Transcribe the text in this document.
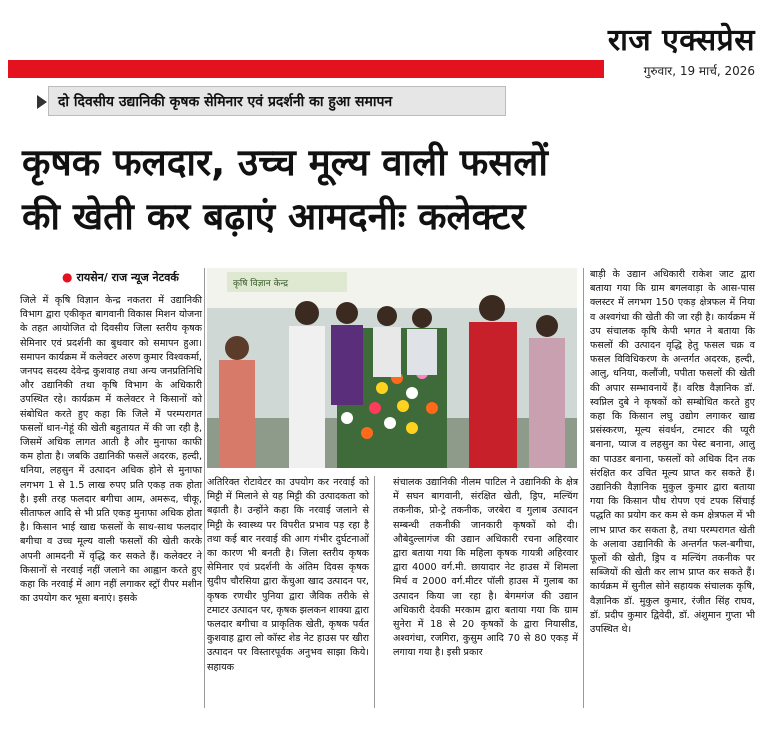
राज एक्सप्रेस
गुरुवार, 19 मार्च, 2026
दो दिवसीय उद्यानिकी कृषक सेमिनार एवं प्रदर्शनी का हुआ समापन
कृषक फलदार, उच्च मूल्य वाली फसलों
की खेती कर बढ़ाएं आमदनीः कलेक्टर
● रायसेन/ राज न्यूज नेटवर्क
जिले में कृषि विज्ञान केन्द्र नकतरा में उद्यानिकी विभाग द्वारा एकीकृत बागवानी विकास मिशन योजना के तहत आयोजित दो दिवसीय जिला स्तरीय कृषक सेमिनार एवं प्रदर्शनी का बुधवार को समापन हुआ। समापन कार्यक्रम में कलेक्टर अरुण कुमार विश्वकर्मा, जनपद सदस्य देवेन्द्र कुशवाह तथा अन्य जनप्रतिनिधि और उद्यानिकी तथा कृषि विभाग के अधिकारी उपस्थित रहे। कार्यक्रम में कलेक्टर ने किसानों को संबोधित करते हुए कहा कि जिले में परम्परागत फसलों धान-गेहूं की खेती बहुतायत में की जा रही है, जिसमें अधिक लागत आती है और मुनाफा काफी कम होता है। जबकि उद्यानिकी फसलें अदरक, हल्दी, धनिया, लहसुन में उत्पादन अधिक होने से मुनाफा लगभग 1 से 1.5 लाख रुपए प्रति एकड़ तक होता है। इसी तरह फलदार बगीचा आम, अमरूद, चीकू, सीताफल आदि से भी प्रति एकड़ मुनाफा अधिक होता है। किसान भाई खाद्य फसलों के साथ-साथ फलदार बगीचा व उच्च मूल्य वाली फसलों की खेती करके अपनी आमदनी में वृद्धि कर सकते हैं। कलेक्टर ने किसानों से नरवाई नहीं जलाने का आह्वान करते हुए कहा कि नरवाई में आग नहीं लगाकर स्ट्रॉ रीपर मशीन का उपयोग कर भूसा बनाएं। इसके
कृषि विज्ञान केन्द्र
अतिरिक्त रोटावेटर का उपयोग कर नरवाई को मिट्टी में मिलाने से यह मिट्टी की उत्पादकता को बढ़ाती है। उन्होंने कहा कि नरवाई जलाने से मिट्टी के स्वास्थ्य पर विपरीत प्रभाव पड़ रहा है तथा कई बार नरवाई की आग गंभीर दुर्घटनाओं का कारण भी बनती है। जिला स्तरीय कृषक सेमिनार एवं प्रदर्शनी के अंतिम दिवस कृषक सुदीप चौरसिया द्वारा केंचुआ खाद उत्पादन पर, कृषक रणधीर पुनिया द्वारा जैविक तरीके से टमाटर उत्पादन पर, कृषक झलकन शाक्या द्वारा फलदार बगीचा व प्राकृतिक खेती, कृषक पर्वत कुशवाह द्वारा लो कॉस्ट शेड नेट हाउस पर खीरा उत्पादन पर विस्तारपूर्वक अनुभव साझा किये। सहायक
संचालक उद्यानिकी नीलम पाटिल ने उद्यानिकी के क्षेत्र में सघन बागवानी, संरक्षित खेती, ड्रिप, मल्चिंग तकनीक, प्रो-ट्रे तकनीक, जरबेरा व गुलाब उत्पादन सम्बन्धी तकनीकी जानकारी कृषकों को दी। औबेदुल्लागंज की उद्यान अधिकारी रचना अहिरवार द्वारा बताया गया कि महिला कृषक गायत्री अहिरवार द्वारा 4000 वर्ग.मी. छायादार नेट हाउस में शिमला मिर्च व 2000 वर्ग.मीटर पॉली हाउस में गुलाब का उत्पादन किया जा रहा है। बेगमगंज की उद्यान अधिकारी देवकी मरकाम द्वारा बताया गया कि ग्राम सुनेरा में 18 से 20 कृषकों के द्वारा नियासीड, अश्वगंधा, रजगिरा, कुसुम आदि 70 से 80 एकड़ में लगाया गया है। इसी प्रकार
बाड़ी के उद्यान अधिकारी राकेश जाट द्वारा बताया गया कि ग्राम बगलवाड़ा के आस-पास क्लस्टर में लगभग 150 एकड़ क्षेत्रफल में निया व अश्वगंधा की खेती की जा रही है। कार्यक्रम में उप संचालक कृषि केपी भगत ने बताया कि फसलों की उत्पादन वृद्धि हेतु फसल चक्र व फसल विविधिकरण के अन्तर्गत अदरक, हल्दी, आलु, धनिया, कलौंजी, पपीता फसलों की खेती की अपार सम्भावनायें हैं। वरिष्ठ वैज्ञानिक डॉ. स्वप्निल दुबे ने कृषकों को सम्बोधित करते हुए कहा कि किसान लघु उद्योग लगाकर खाद्य प्रसंस्करण, मूल्य संवर्धन, टमाटर की प्यूरी बनाना, प्याज व लहसुन का पेस्ट बनाना, आलु का पाउडर बनाना, फसलों को अधिक दिन तक संरक्षित कर उचित मूल्य प्राप्त कर सकते हैं। उद्यानिकी वैज्ञानिक मुकुल कुमार द्वारा बताया गया कि किसान पौध रोपण एवं टपक सिंचाई पद्धति का प्रयोग कर कम से कम क्षेत्रफल में भी लाभ प्राप्त कर सकता है, तथा परम्परागत खेती के अलावा उद्यानिकी के अन्तर्गत फल-बगीचा, फूलों की खेती, ड्रिप व मल्चिंग तकनीक पर सब्जियों की खेती कर लाभ प्राप्त कर सकते हैं। कार्यक्रम में सुनील सोने सहायक संचालक कृषि, वैज्ञानिक डॉ. मुकुल कुमार, रंजीत सिंह राघव, डॉ. प्रदीप कुमार द्विवेदी, डॉ. अंशुमान गुप्ता भी उपस्थित थे।
